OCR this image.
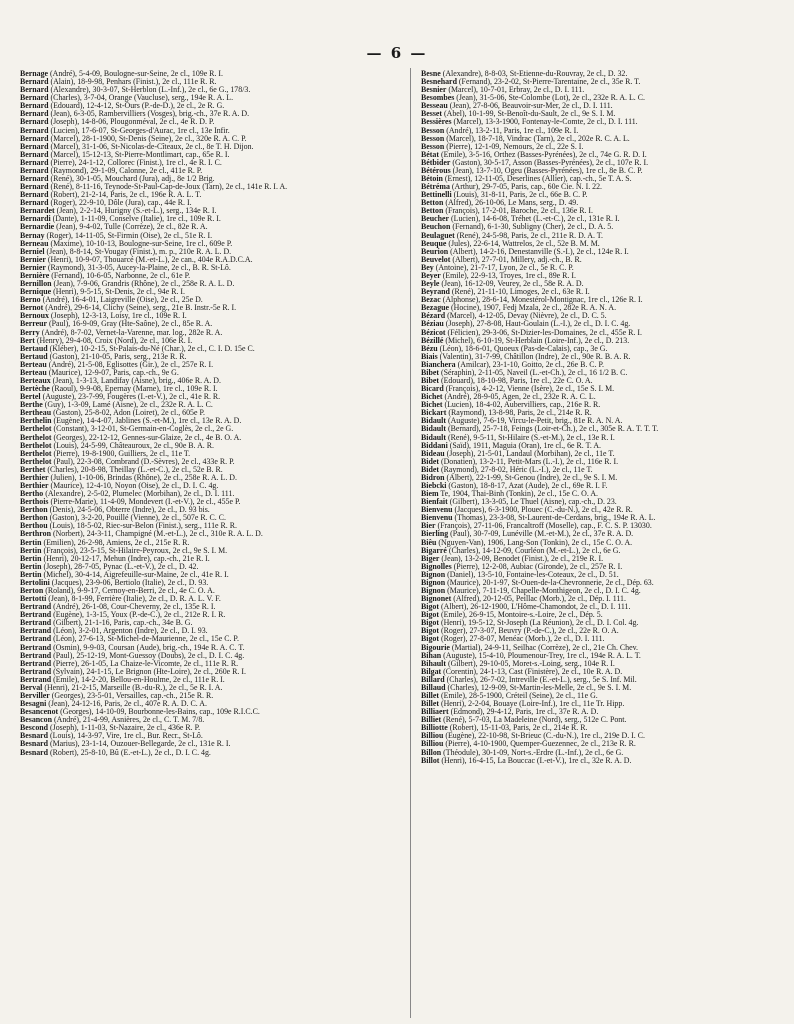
— 6 —
Bernage (André), 5-4-09, Boulogne-sur-Seine, 2e cl., 109e R. I.
Bernard (Alain), 18-9-98, Penhars (Finist.), 2e cl., 111e R. R.
Bernard (Alexandre), 30-3-07, St-Herblon (L.-Inf.), 2e cl., 6e G., 178/3.
Bernard (Charles), 3-7-04, Orange (Vaucluse), serg., 194e R. A. L.
Bernard (Edouard), 12-4-12, St-Ours (P.-de-D.), 2e cl., 2e R. G.
Bernard (Jean), 6-3-05, Rambervilliers (Vosges), brig.-ch., 37e R. A. D.
Bernard (Joseph), 14-8-06, Plougonméval, 2e cl., 4e R. D. P.
Bernard (Lucien), 17-6-07, St-Georges-d'Aurac, 1re cl., 13e Infir.
Bernard (Marcel), 28-1-1900, St-Denis (Seine), 2e cl., 320e R. A. C. P.
Bernard (Marcel), 31-1-06, St-Nicolas-de-Cîteaux, 2e cl., 8e T. H. Dijon.
Bernard (Marcel), 15-12-13, St-Pierre-Montlimart, cap., 65e R. I.
Bernard (Pierre), 24-1-12, Collorec (Finist.), 1re cl., 4e R. I. C.
Bernard (Raymond), 29-1-09, Calonne, 2e cl., 411e R. P.
Bernard (René), 30-1-05, Mouchard (Jura), adj., 8e 1/2 Brig.
Bernard (René), 8-11-16, Teynode-St-Paul-Cap-de-Joux (Tarn), 2e cl., 141e R. I. A.
Bernard (Robert), 21-2-14, Paris, 2e cl., 196e R. A. L. T.
Bernard (Roger), 22-9-10, Dôle (Jura), cap., 44e R. I.
Bernardet (Jean), 2-2-14, Hurigny (S.-et-L.), serg., 134e R. I.
Bernardi (Dante), 1-11-09, Conselve (Italie), 1re cl., 109e R. I.
Bernardie (Jean), 9-4-02, Tulle (Corrèze), 2e cl., 82e R. A.
Bernay (Roger), 14-11-05, St-Firmin (Oise), 2e cl., 51e R. I.
Berneau (Maxime), 10-10-13, Boulogne-sur-Seine, 1re cl., 609e P.
Berniel (Jean), 8-8-14, St-Vougay (Finist.), m. p., 210e R. A. L. D.
Bernier (Henri), 10-9-07, Thouarcé (M.-et-L.), 2e can., 404e R.A.D.C.A.
Bernier (Raymond), 31-3-05, Aucey-la-Plaine, 2e cl., B. R. St-Lô.
Bernière (Fernand), 10-6-05, Narbonne, 2e cl., 61e P.
Bernillon (Jean), 7-9-06, Grandris (Rhône), 2e cl., 258e R. A. L. D.
Bernique (Henri), 9-5-15, St-Denis, 2e cl., 94e R. I.
Berno (André), 16-4-01, Laigreville (Oise), 2e cl., 25e D.
Bernot (André), 29-6-14, Clichy (Seine), serg., 21e B. Instr.-5e R. I.
Bernoux (Joseph), 12-3-13, Loisy, 1re cl., 109e R. I.
Berreur (Paul), 16-9-09, Gray (Hte-Saône), 2e cl., 85e R. A.
Berry (André), 8-7-02, Vernet-la-Varenne, mar. log., 282e R. A.
Bert (Henry), 29-4-08, Croix (Nord), 2e cl., 106e R. I.
Bertaud (Kléber), 10-2-15, St-Palais-du-Né (Char.), 2e cl., C. I. D. 15e C.
Bertaud (Gaston), 21-10-05, Paris, serg., 213e R. R.
Berteau (André), 21-5-08, Eglisottes (Gir.), 2e cl., 257e R. I.
Berteau (Maurice), 12-9-07, Paris, cap.-ch., 9e G.
Berteaux (Jean), 1-3-13, Landifay (Aisne), brig., 406e R. A. D.
Bertèche (Raoul), 9-9-08, Epernay (Marne), 1re cl., 109e R. I.
Bertel (Auguste), 23-7-99, Fougères (I.-et-V.), 2e cl., 41e R. R.
Berthe (Guy), 1-3-09, Lamé (Aisne), 2e cl., 232e R. A. L. C.
Bertheau (Gaston), 25-8-02, Adon (Loiret), 2e cl., 605e P.
Berthelin (Eugène), 14-4-07, Jablines (S.-et-M.), 1re cl., 13e R. A. D.
Berthelot (Constant), 3-12-01, St-Germain-en-Coglès, 2e cl., 2e G.
Berthelot (Georges), 22-12-12, Gennes-sur-Glaize, 2e cl., 4e B. O. A.
Berthelot (Louis), 24-5-99, Châteauroux, 2e cl., 90e B. A. R.
Berthelot (Pierre), 19-8-1900, Guilliers, 2e cl., 11e T.
Berthelot (Paul), 22-3-08, Combrand (D.-Sèvres), 2e cl., 433e R. P.
Berthet (Charles), 20-8-98, Theillay (L.-et-C.), 2e cl., 52e B. R.
Berthier (Julien), 1-10-06, Brindas (Rhône), 2e cl., 258e R. A. L. D.
Berthier (Maurice), 12-4-10, Noyon (Oise), 2e cl., D. I. C. 4g.
Bertho (Alexandre), 2-5-02, Plumelec (Morbihan), 2e cl., D. I. 111.
Berthois (Pierre-Marie), 11-4-09, Mondevert (I.-et-V.), 2e cl., 455e P.
Berthon (Denis), 24-5-06, Obterre (Indre), 2e cl., D. 93 bis.
Berthon (Gaston), 3-2-20, Pouillé (Vienne), 2e cl., 507e R. C. C.
Berthou (Louis), 18-5-02, Riec-sur-Belon (Finist.), serg., 111e R. R.
Berthron (Norbert), 24-3-11, Champigné (M.-et-L.), 2e cl., 310e R. A. L. D.
Bertin (Emilien), 26-2-98, Amiens, 2e cl., 215e R. R.
Bertin (François), 23-5-15, St-Hilaire-Peyroux, 2e cl., 9e S. I. M.
Bertin (Henri), 20-12-17, Mehun (Indre), cap.-ch., 21e R. I.
Bertin (Joseph), 28-7-05, Pynac (L.-et-V.), 2e cl., D. 42.
Bertin (Michel), 30-4-14, Aigrefeuille-sur-Maine, 2e cl., 41e R. I.
Bertolini (Jacques), 23-9-06, Bertiolo (Italie), 2e cl., D. 93.
Berton (Roland), 9-9-17, Cernoy-en-Berri, 2e cl., 4e C. O. A.
Bertotti (Jean), 8-1-99, Ferrière (Italie), 2e cl., D. R. A. L. V. F.
Bertrand (André), 26-1-08, Cour-Cheverny, 2e cl., 135e R. I.
Bertrand (Eugène), 1-3-15, Youx (P.-de-C.), 2e cl., 212e R. I. R.
Bertrand (Gilbert), 21-1-16, Paris, cap.-ch., 34e B. G.
Bertrand (Léon), 3-2-01, Argenton (Indre), 2e cl., D. I. 93.
Bertrand (Léon), 27-6-13, St-Michel-de-Maurienne, 2e cl., 15e C. P.
Bertrand (Osmin), 9-9-03, Coursan (Aude), brig.-ch., 194e R. A. C. T.
Bertrand (Paul), 25-12-19, Mont-Guessoy (Doubs), 2e cl., D. I. C. 4g.
Bertrand (Pierre), 26-1-05, La Chaize-le-Vicomte, 2e cl., 111e R. R.
Bertrand (Sylvain), 24-1-15, Le Brignon (Hte-Loire), 2e cl., 260e R. I.
Bertrand (Emile), 14-2-20, Bellou-en-Houlme, 2e cl., 111e R. I.
Berval (Henri), 21-2-15, Marseille (B.-du-R.), 2e cl., 5e R. I. A.
Berviller (Georges), 23-5-01, Versailles, cap.-ch., 215e R. R.
Besagni (Jean), 24-12-16, Paris, 2e cl., 407e R. A. D. C. A.
Besancenot (Georges), 14-10-09, Bourbonne-les-Bains, cap., 109e R.I.C.C.
Besancon (André), 21-4-99, Asnières, 2e cl., C. T. M. 7/8.
Bescond (Joseph), 1-11-03, St-Nazaire, 2e cl., 436e R. P.
Besnard (Louis), 14-3-97, Vire, 1re cl., Bur. Recr., St-Lô.
Besnard (Marius), 23-1-14, Ouzouer-Bellegarde, 2e cl., 131e R. I.
Besnard (Robert), 25-8-10, Bû (E.-et-L.), 2e cl., D. I. C. 4g.
Besne (Alexandre), 8-8-03, St-Etienne-du-Rouvray, 2e cl., D. 32.
Besnehard (Fernand), 23-2-02, St-Pierre-Tarentaine, 2e cl., 35e R. T.
Besnier (Marcel), 10-7-01, Erbray, 2e cl., D. I. 111.
Besombes (Jean), 31-5-06, Ste-Colombe (Lot), 2e cl., 232e R. A. L. C.
Besseau (Jean), 27-8-06, Beauvoir-sur-Mer, 2e cl., D. I. 111.
Besset (Abel), 10-1-99, St-Benoît-du-Sault, 2e cl., 9e S. I. M.
Bessières (Marcel), 13-3-1900, Fontenay-le-Comte, 2e cl., D. I. 111.
Besson (André), 13-2-11, Paris, 1re cl., 109e R. I.
Besson (Marcel), 18-7-18, Vindrac (Tarn), 2e cl., 202e R. C. A. L.
Besson (Pierre), 12-1-09, Nemours, 2e cl., 22e S. I.
Bétat (Emile), 3-5-16, Orthez (Basses-Pyrénées), 2e cl., 74e G. R. D. I.
Bétbider (Gaston), 30-5-17, Asson (Basses-Pyrénées), 2e cl., 107e R. I.
Bétérous (Jean), 13-7-10, Ogeu (Basses-Pyrénées), 1re cl., 8e B. C. P.
Bétoin (Ernest), 12-11-05, Deserlines (Allier), cap.-ch., 5e T. A. S.
Bétréma (Arthur), 29-7-05, Paris, cap., 60e Cie. N. I. 22.
Bettinelli (Louis), 31-8-11, Paris, 2e cl., 66e B. C. P.
Betton (Alfred), 26-10-06, Le Mans, serg., D. 49.
Betton (François), 17-2-01, Baroche, 2e cl., 136e R. I.
Beucher (Lucien), 14-6-08, Tréhet (L.-et-C.), 2e cl., 131e R. I.
Beuchon (Fernand), 6-1-30, Subligny (Cher), 2e cl., D. A. 5.
Beulaguet (René), 24-5-98, Paris, 2e cl., 211e R. D. A. T.
Beuque (Jules), 22-6-14, Wattrelos, 2e cl., 52e B. M. M.
Beurion (Albert), 14-2-16, Denestanville (S.-I.), 2e cl., 124e R. I.
Beuvelot (Albert), 27-7-01, Millery, adj.-ch., B. R.
Bey (Antoine), 21-7-17, Lyon, 2e cl., 5e R. C. P.
Beyer (Emile), 22-9-13, Troyes, 1re cl., 89e R. I.
Beyle (Jean), 16-12-09, Veurey, 2e cl., 58e R. A. D.
Beyrand (René), 21-11-10, Limoges, 2e cl., 63e R. I.
Bezac (Alphonse), 28-6-14, Monestérol-Montignac, 1re cl., 126e R. I.
Bezague (Hocine), 1907, Fedj Mzala, 2e cl., 282e R. A. N. A.
Bézard (Marcel), 4-12-05, Devay (Nièvre), 2e cl., D. C. 5.
Béziau (Joseph), 27-8-08, Haut-Goulain (L.-I.), 2e cl., D. I. C. 4g.
Bézicot (Félicien), 29-3-06, St-Dizier-les-Domaines, 2e cl., 455e R. I.
Bézillé (Michel), 6-10-19, St-Herblain (Loire-Inf.), 2e cl., D. 213.
Bézu (Léon), 18-6-01, Quoeux (Pas-de-Calais), cap., 3e G.
Biais (Valentin), 31-7-99, Châtillon (Indre), 2e cl., 90e R. B. A. R.
Bianchera (Amilcar), 23-1-10, Goitto, 2e cl., 26e B. C. P.
Bibet (Séraphin), 2-11-05, Naveil (L.-et-Ch.), 2e cl., 16 1/2 B. C.
Bibet (Edouard), 18-10-98, Paris, 1re cl., 22e C. O. A.
Bicard (François), 4-2-12, Vienne (Isère), 2e cl., 15e S. I. M.
Bichet (André), 28-9-05, Agen, 2e cl., 232e R. A. C. L.
Bichet (Lucien), 18-4-02, Aubervilliers, cap., 216e R. R.
Bickart (Raymond), 13-8-98, Paris, 2e cl., 214e R. R.
Bidault (Auguste), 7-6-19, Vircu-le-Petit, brig., 81e R. A. N. A.
Bidault (Bernard), 25-7-18, Feings (Loir-et-Ch.), 2e cl., 305e R. A. T. T. T.
Bidault (René), 9-5-11, St-Hilaire (S.-et-M.), 2e cl., 13e R. I.
Biddani (Saïd), 1911, Maguia (Oran), 1re cl., 6e R. T. A.
Bideau (Joseph), 21-5-01, Landaul (Morbihan), 2e cl., 11e T.
Bidet (Donatien), 13-2-11, Petit-Mars (L.-I.), 2e cl., 116e R. I.
Bidet (Raymond), 27-8-02, Héric (L.-I.), 2e cl., 11e T.
Bidron (Albert), 22-1-99, St-Genou (Indre), 2e cl., 9e S. I. M.
Biebcki (Gaston), 18-8-17, Azat (Aude), 2e cl., 69e R. I. F.
Biem Te, 1904, Thai-Binh (Tonkin), 2e cl., 15e C. O. A.
Bienfait (Gilbert), 13-3-05, Le Thuel (Aisne), cap.-ch., D. 23.
Bienvenu (Jacques), 6-3-1900, Plouec (C.-du-N.), 2e cl., 42e R. R.
Bienvenu (Thomas), 23-3-08, St-Laurent-de-Cerdans, brig., 194e R. A. L.
Bier (François), 27-11-06, Francaltroff (Moselle), cap., F. C. S. P. 13030.
Bierling (Paul), 30-7-09, Lunéville (M.-et-M.), 2e cl., 37e R. A. D.
Biêu (Nguyen-Van), 1906, Lang-Son (Tonkin), 2e cl., 15e C. O. A.
Bigarré (Charles), 14-12-09, Courléon (M.-et-L.), 2e cl., 6e G.
Biger (Jean), 13-2-09, Benodet (Finist.), 2e cl., 219e R. I.
Bignolles (Pierre), 12-2-08, Aubiac (Gironde), 2e cl., 257e R. I.
Bignon (Daniel), 13-5-10, Fontaine-les-Coteaux, 2e cl., D. 51.
Bignon (Maurice), 20-1-97, St-Ouen-de-la-Chevronnerie, 2e cl., Dép. 63.
Bignon (Maurice), 7-11-19, Chapelle-Monthigeon, 2e cl., D. I. C. 4g.
Bignonet (Alfred), 20-12-05, Peillac (Morb.), 2e cl., Dép. I. 111.
Bigot (Albert), 26-12-1900, L'Hôme-Chamondot, 2e cl., D. I. 111.
Bigot (Emile), 26-9-15, Montoire-s.-Loire, 2e cl., Dép. 5.
Bigot (Henri), 19-5-12, St-Joseph (La Réunion), 2e cl., D. I. Col. 4g.
Bigot (Roger), 27-3-07, Beuvry (P.-de-C.), 2e cl., 22e R. O. A.
Bigot (Roger), 27-8-07, Menéac (Morb.), 2e cl., D. I. 111.
Bigourie (Martial), 24-9-11, Seilhac (Corrèze), 2e cl., 21e Ch. Chev.
Bihan (Auguste), 15-4-10, Ploumenour-Trey, 1re cl., 194e R. A. L. T.
Bihault (Gilbert), 29-10-05, Moret-s.-Loing, serg., 104e R. I.
Bilgat (Corentin), 24-1-13, Cast (Finistère), 2e cl., 10e R. A. D.
Billard (Charles), 26-7-02, Intreville (E.-et-L.), serg., 5e S. Inf. Mil.
Billaud (Charles), 12-9-09, St-Martin-les-Melle, 2e cl., 9e S. I. M.
Billet (Emile), 28-5-1900, Créteil (Seine), 2e cl., 11e G.
Billet (Henri), 2-2-04, Bouaye (Loire-Inf.), 1re cl., 11e Tr. Hipp.
Billiaert (Edmond), 29-4-12, Paris, 1re cl., 37e R. A. D.
Billiet (René), 5-7-03, La Madeleine (Nord), serg., 512e C. Pont.
Billiotte (Robert), 15-11-03, Paris, 2e cl., 214e R. R.
Billiou (Eugène), 22-10-98, St-Brieuc (C.-du-N.), 1re cl., 219e D. I. C.
Billiou (Pierre), 4-10-1900, Quemper-Guezennec, 2e cl., 213e R. R.
Billon (Théodule), 30-1-09, Nort-s.-Erdre (L.-Inf.), 2e cl., 6e G.
Billot (Henri), 16-4-15, La Bouccac (I.-et-V.), 1re cl., 32e R. A. D.
